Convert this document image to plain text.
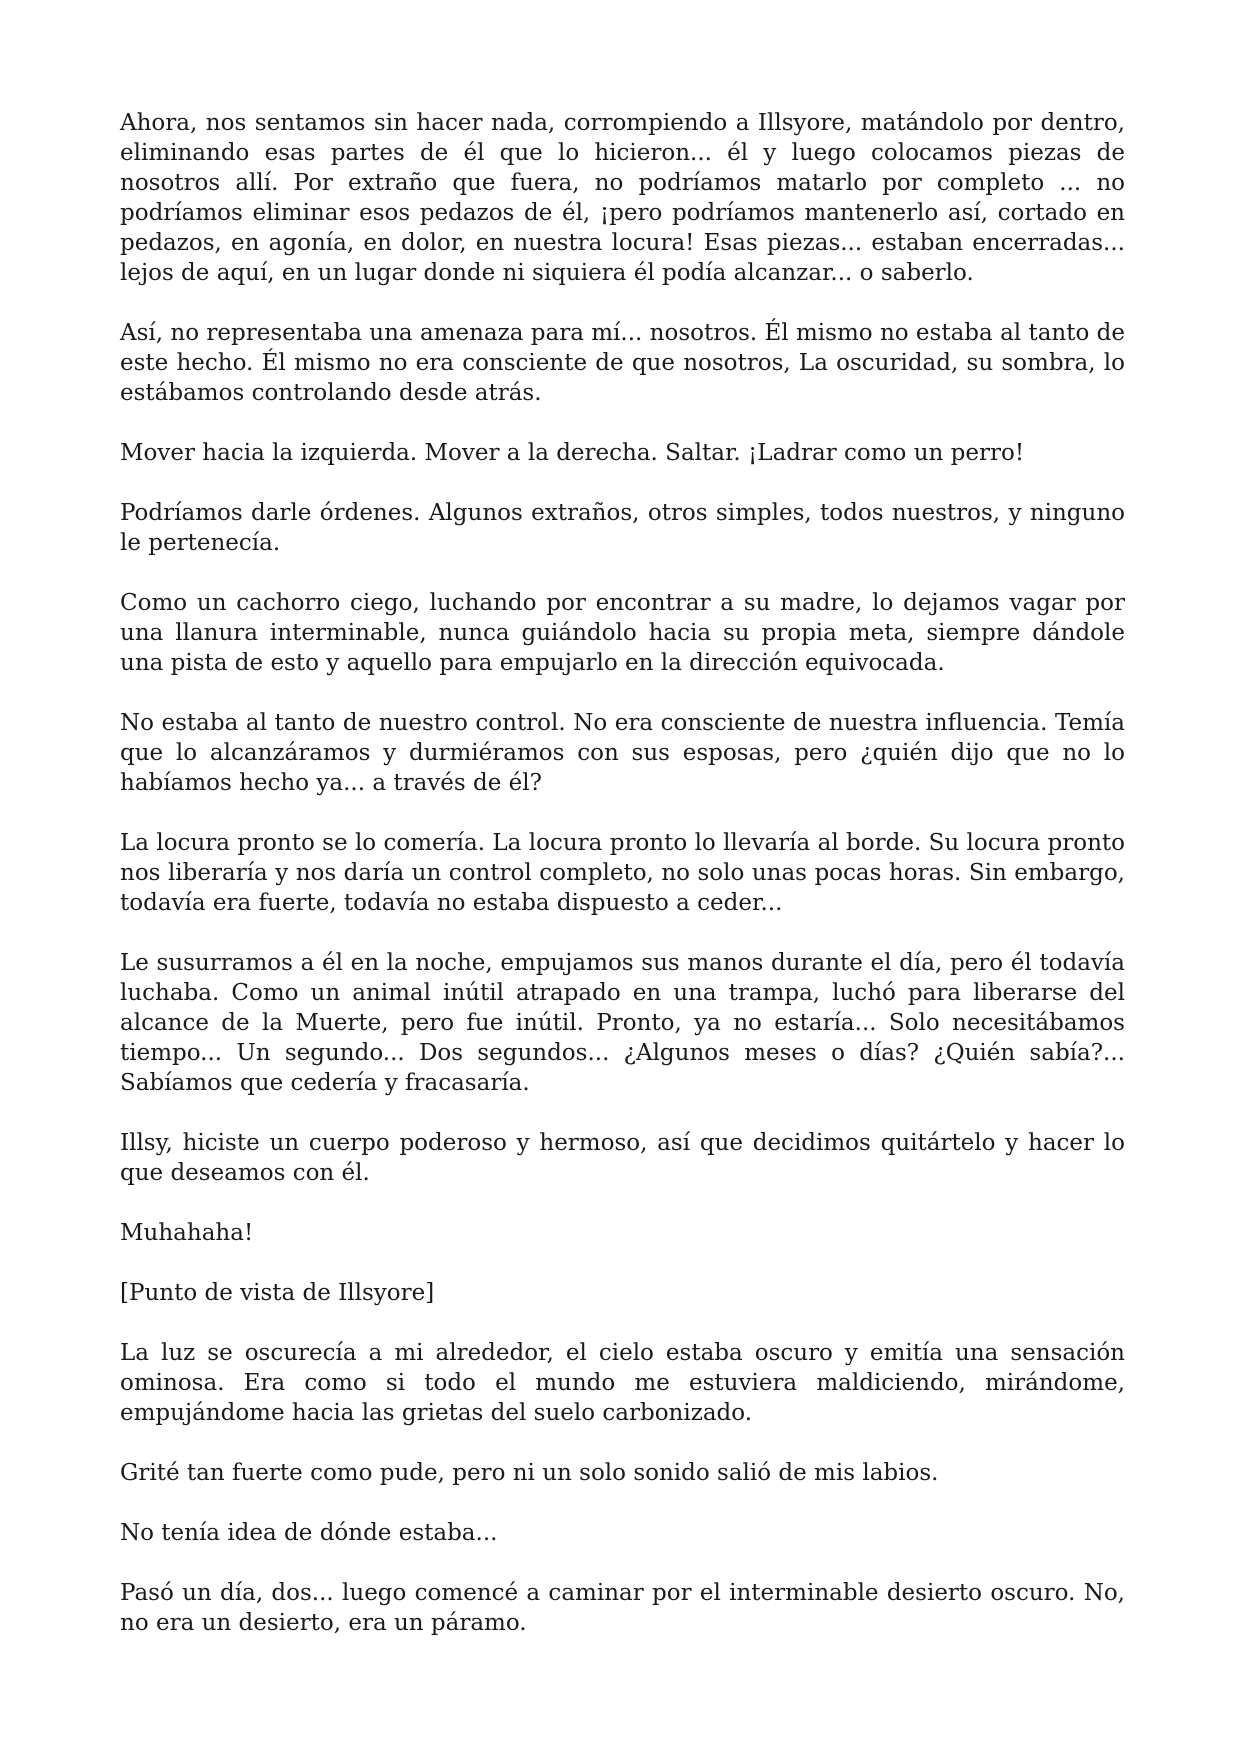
Ahora, nos sentamos sin hacer nada, corrompiendo a Illsyore, matándolo por dentro, eliminando esas partes de él que lo hicieron... él y luego colocamos piezas de nosotros allí. Por extraño que fuera, no podríamos matarlo por completo ... no podríamos eliminar esos pedazos de él, ¡pero podríamos mantenerlo así, cortado en pedazos, en agonía, en dolor, en nuestra locura! Esas piezas... estaban encerradas... lejos de aquí, en un lugar donde ni siquiera él podía alcanzar... o saberlo.

Así, no representaba una amenaza para mí... nosotros. Él mismo no estaba al tanto de este hecho. Él mismo no era consciente de que nosotros, La oscuridad, su sombra, lo estábamos controlando desde atrás.

Mover hacia la izquierda. Mover a la derecha. Saltar. ¡Ladrar como un perro!

Podríamos darle órdenes. Algunos extraños, otros simples, todos nuestros, y ninguno le pertenecía.

Como un cachorro ciego, luchando por encontrar a su madre, lo dejamos vagar por una llanura interminable, nunca guiándolo hacia su propia meta, siempre dándole una pista de esto y aquello para empujarlo en la dirección equivocada.

No estaba al tanto de nuestro control. No era consciente de nuestra influencia. Temía que lo alcanzáramos y durmiéramos con sus esposas, pero ¿quién dijo que no lo habíamos hecho ya... a través de él?

La locura pronto se lo comería. La locura pronto lo llevaría al borde. Su locura pronto nos liberaría y nos daría un control completo, no solo unas pocas horas. Sin embargo, todavía era fuerte, todavía no estaba dispuesto a ceder...

Le susurramos a él en la noche, empujamos sus manos durante el día, pero él todavía luchaba. Como un animal inútil atrapado en una trampa, luchó para liberarse del alcance de la Muerte, pero fue inútil. Pronto, ya no estaría... Solo necesitábamos tiempo... Un segundo... Dos segundos... ¿Algunos meses o días? ¿Quién sabía?... Sabíamos que cedería y fracasaría.

Illsy, hiciste un cuerpo poderoso y hermoso, así que decidimos quitártelo y hacer lo que deseamos con él.

Muhahaha!

[Punto de vista de Illsyore]

La luz se oscurecía a mi alrededor, el cielo estaba oscuro y emitía una sensación ominosa. Era como si todo el mundo me estuviera maldiciendo, mirándome, empujándome hacia las grietas del suelo carbonizado.

Grité tan fuerte como pude, pero ni un solo sonido salió de mis labios.

No tenía idea de dónde estaba...

Pasó un día, dos... luego comencé a caminar por el interminable desierto oscuro. No, no era un desierto, era un páramo.
